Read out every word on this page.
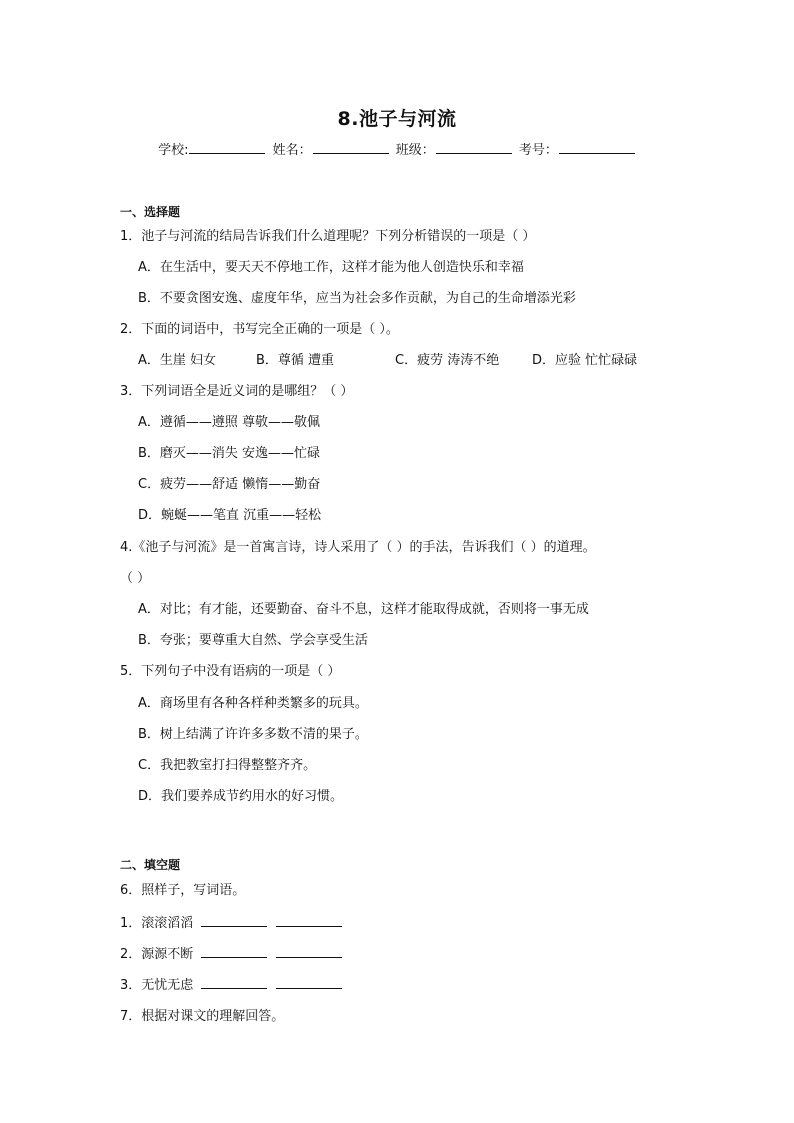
8.池子与河流
学校:	姓名：	班级：	考号：
一、选择题
1．池子与河流的结局告诉我们什么道理呢？下列分析错误的一项是（ ）
A．在生活中，要天天不停地工作，这样才能为他人创造快乐和幸福
B．不要贪图安逸、虚度年华，应当为社会多作贡献，为自己的生命增添光彩
2．下面的词语中，书写完全正确的一项是（ ）。
A．生崖 妇女	B．尊循 遭重	C．疲劳 涛涛不绝	D．应验 忙忙碌碌
3．下列词语全是近义词的是哪组？（ ）
A．遵循——遵照 尊敬——敬佩
B．磨灭——消失 安逸——忙碌
C．疲劳——舒适 懒惰——勤奋
D．蜿蜒——笔直 沉重——轻松
4.《池子与河流》是一首寓言诗，诗人采用了（ ）的手法，告诉我们（ ）的道理。
（ ）
A．对比；有才能，还要勤奋、奋斗不息，这样才能取得成就，否则将一事无成
B．夸张；要尊重大自然、学会享受生活
5．下列句子中没有语病的一项是（ ）
A．商场里有各种各样种类繁多的玩具。
B．树上结满了许许多多数不清的果子。
C．我把教室打扫得整整齐齐。
D．我们要养成节约用水的好习惯。
二、填空题
6．照样子，写词语。
1．滚滚滔滔
2．源源不断
3．无忧无虑
7．根据对课文的理解回答。
